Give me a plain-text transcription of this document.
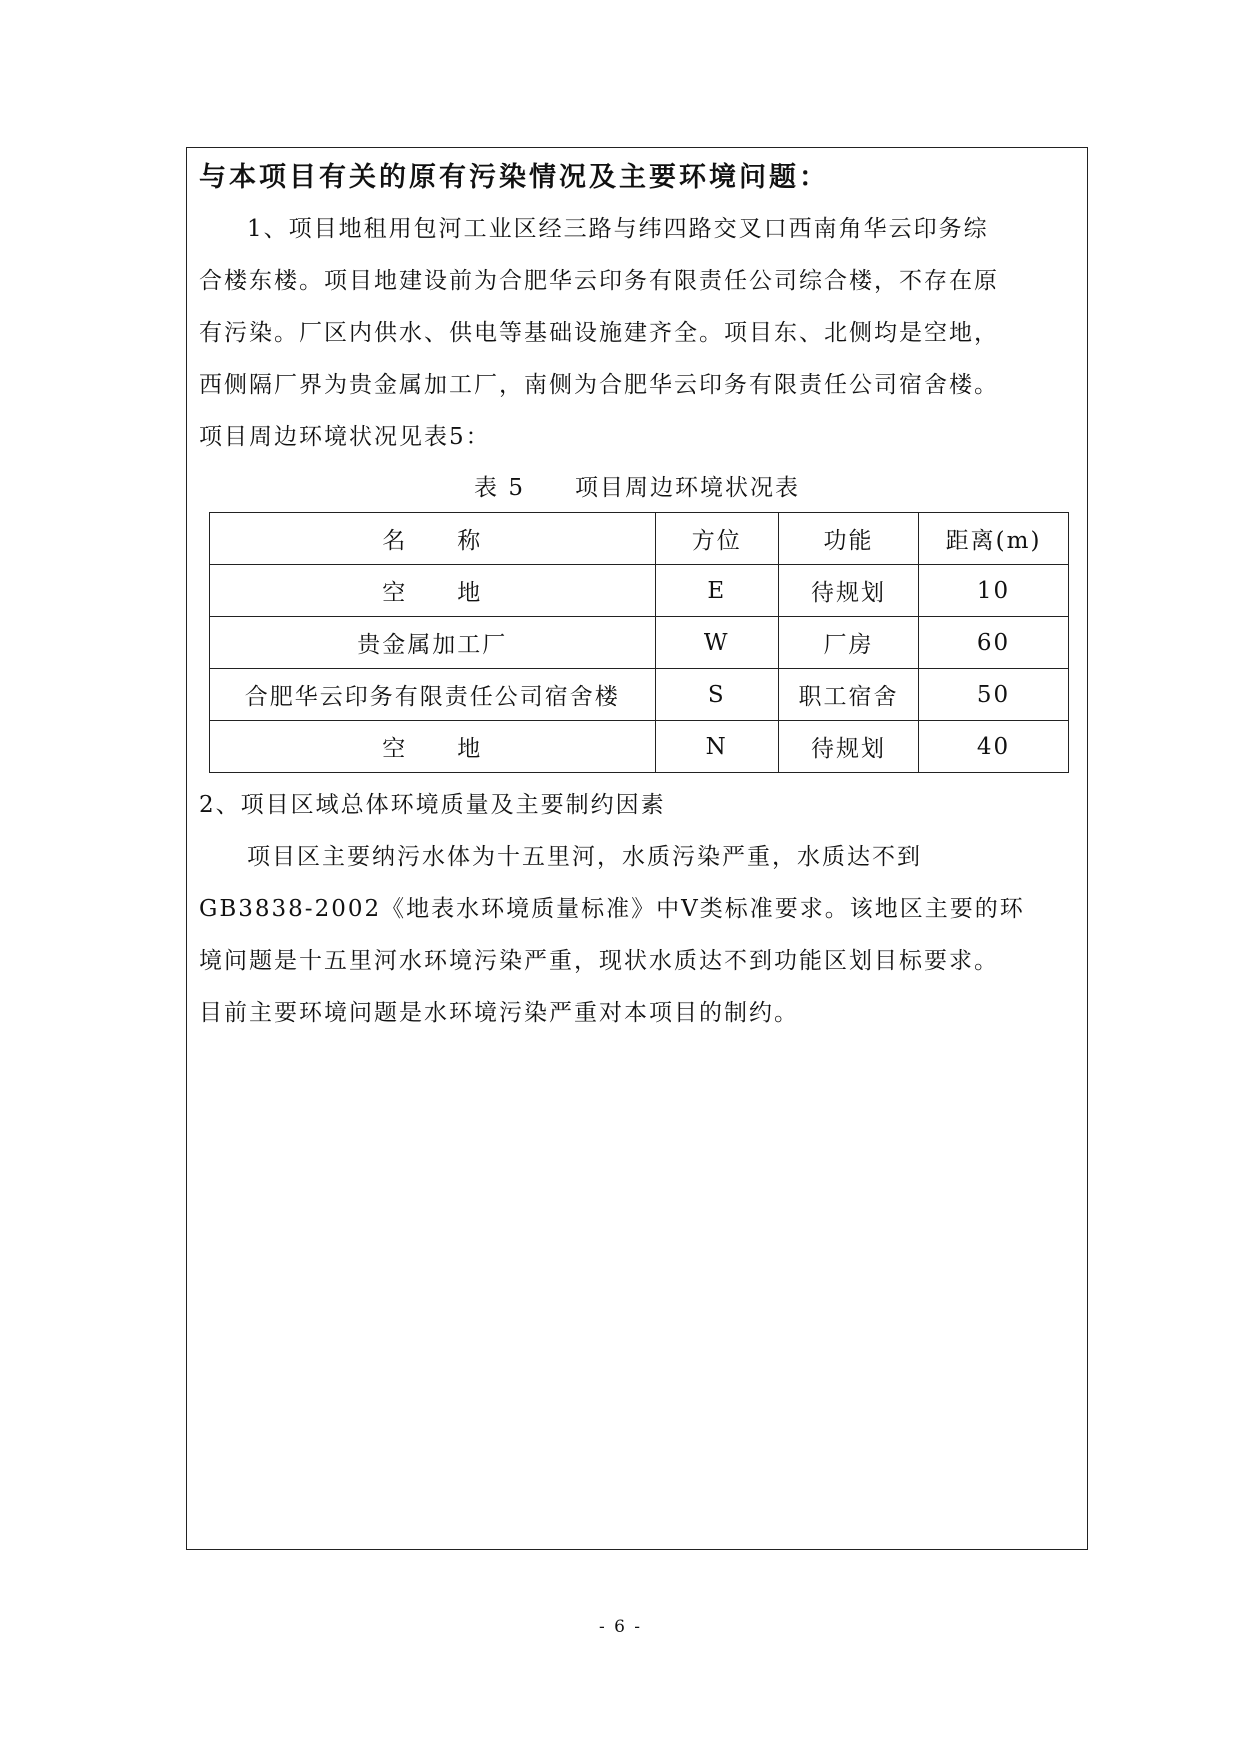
与本项目有关的原有污染情况及主要环境问题：
1、项目地租用包河工业区经三路与纬四路交叉口西南角华云印务综
合楼东楼。项目地建设前为合肥华云印务有限责任公司综合楼，不存在原
有污染。厂区内供水、供电等基础设施建齐全。项目东、北侧均是空地，
西侧隔厂界为贵金属加工厂，南侧为合肥华云印务有限责任公司宿舍楼。
项目周边环境状况见表5：
表 5 项目周边环境状况表
名　　称	方位	功能	距离(m)
空　　地	E	待规划	10
贵金属加工厂	W	厂房	60
合肥华云印务有限责任公司宿舍楼	S	职工宿舍	50
空　　地	N	待规划	40
2、项目区域总体环境质量及主要制约因素
项目区主要纳污水体为十五里河，水质污染严重，水质达不到
GB3838-2002《地表水环境质量标准》中V类标准要求。该地区主要的环
境问题是十五里河水环境污染严重，现状水质达不到功能区划目标要求。
目前主要环境问题是水环境污染严重对本项目的制约。
- 6 -
